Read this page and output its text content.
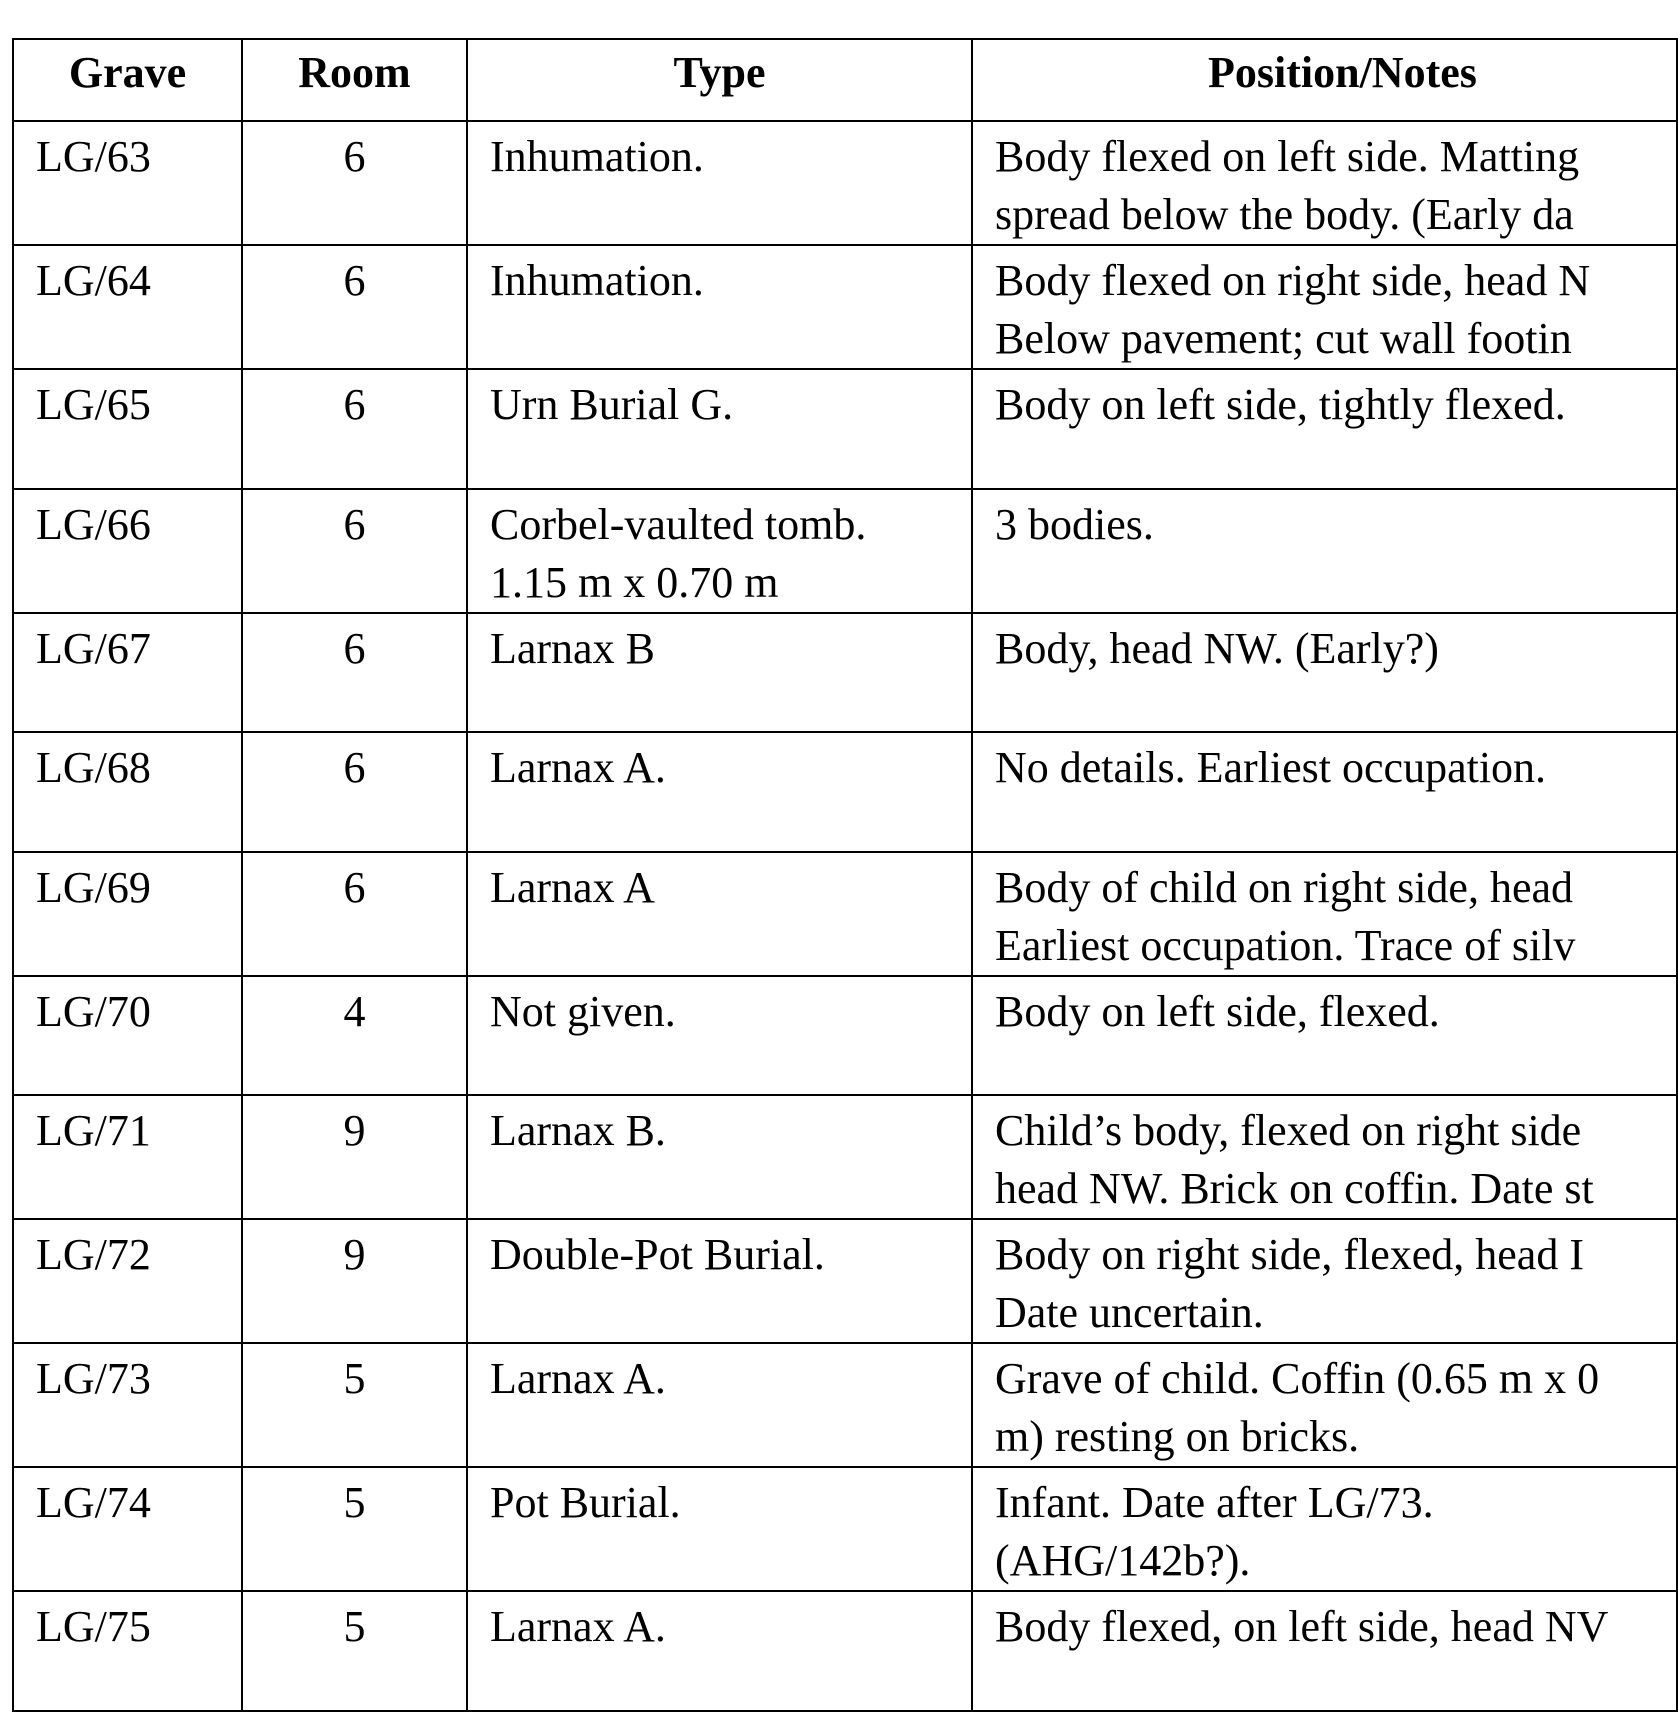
Grave	Room	Type	Position/Notes
LG/63	6	Inhumation.	Body flexed on left side. Matting
spread below the body. (Early da

LG/64	6	Inhumation.	Body flexed on right side, head N
Below pavement; cut wall footin

LG/65	6	Urn Burial G.	Body on left side, tightly flexed.

LG/66	6	Corbel-vaulted tomb.
1.15 m x 0.70 m	3 bodies.

LG/67	6	Larnax B	Body, head NW. (Early?)

LG/68	6	Larnax A.	No details. Earliest occupation.

LG/69	6	Larnax A	Body of child on right side, head
Earliest occupation. Trace of silv

LG/70	4	Not given.	Body on left side, flexed.

LG/71	9	Larnax B.	Child’s body, flexed on right side
head NW. Brick on coffin. Date st

LG/72	9	Double-Pot Burial.	Body on right side, flexed, head I
Date uncertain.

LG/73	5	Larnax A.	Grave of child. Coffin (0.65 m x 0
m) resting on bricks.

LG/74	5	Pot Burial.	Infant. Date after LG/73.
(AHG/142b?).

LG/75	5	Larnax A.	Body flexed, on left side, head NV
